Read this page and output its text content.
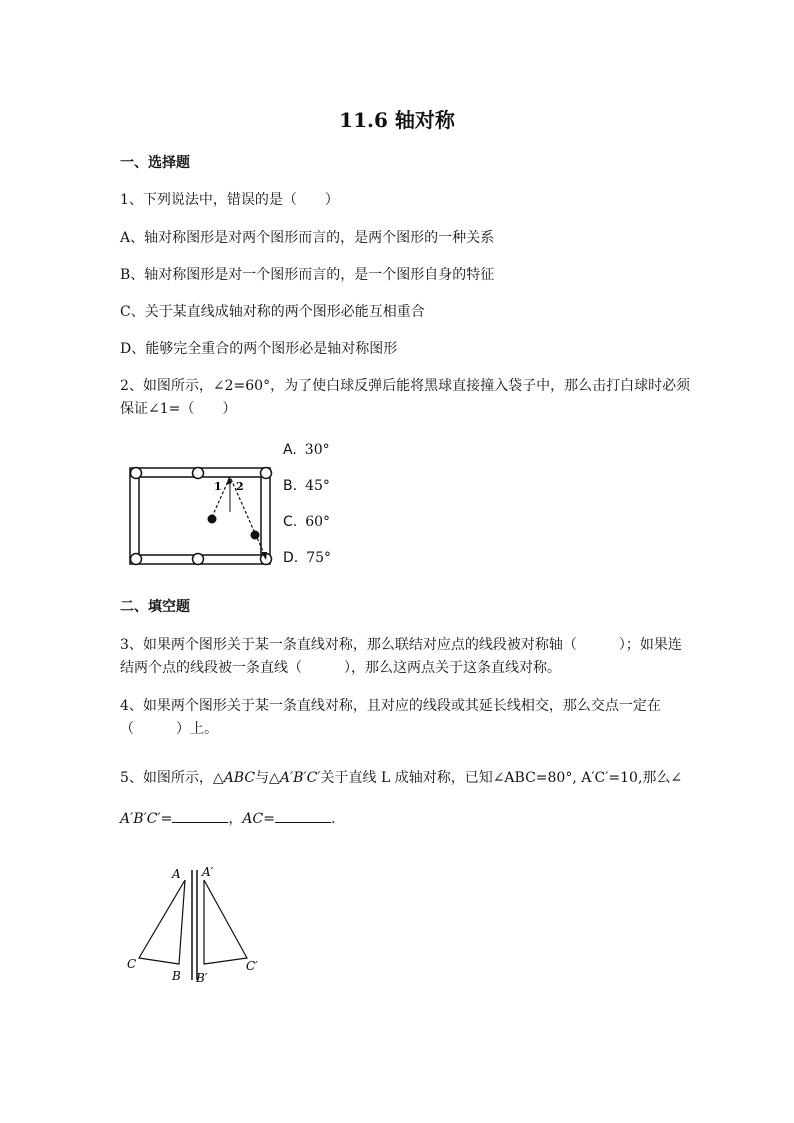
11.6 轴对称
一、选择题
1、下列说法中，错误的是（　　）
A、轴对称图形是对两个图形而言的，是两个图形的一种关系
B、轴对称图形是对一个图形而言的，是一个图形自身的特征
C、关于某直线成轴对称的两个图形必能互相重合
D、能够完全重合的两个图形必是轴对称图形
2、如图所示，∠2=60°，为了使白球反弹后能将黑球直接撞入袋子中，那么击打白球时必须
保证∠1=（　　）
1 2
A. 30°
B. 45°
C. 60°
D. 75°
二、填空题
3、如果两个图形关于某一条直线对称，那么联结对应点的线段被对称轴（　　　）；如果连
结两个点的线段被一条直线（　　　），那么这两点关于这条直线对称。
4、如果两个图形关于某一条直线对称，且对应的线段或其延长线相交，那么交点一定在
（　　　）上。
5、如图所示，△ABC与△A′B′C′关于直线 L 成轴对称，已知∠ABC=80°, A′C′=10,那么∠
A′B′C′=	，AC=	.
A
B
C
A′
B′
C′
